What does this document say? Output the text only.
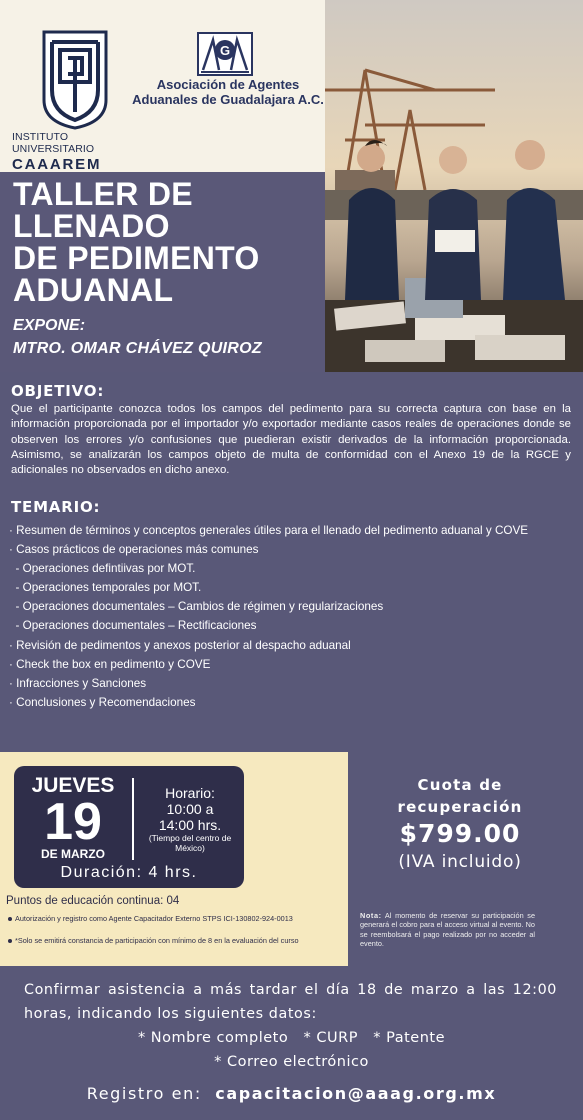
INSTITUTO UNIVERSITARIO
CAAAREM
G
Asociación de Agentes
Aduanales de Guadalajara A.C.
TALLER DE
LLENADO
DE PEDIMENTO
ADUANAL
EXPONE:
MTRO. OMAR CHÁVEZ QUIROZ
OBJETIVO:
Que el participante conozca todos los campos del pedimento para su correcta captura con base en la información proporcionada por el importador y/o exportador mediante casos reales de operaciones donde se observen los errores y/o confusiones que puedieran existir derivados de la información proporcionada. Asimismo, se analizarán los campos objeto de multa de conformidad con el Anexo 19 de la RGCE y adicionales no observados en dicho anexo.
TEMARIO:
· Resumen de términos y conceptos generales útiles para el llenado del pedimento aduanal y COVE
· Casos prácticos de operaciones más comunes
- Operaciones defintiivas por MOT.
- Operaciones temporales por MOT.
- Operaciones documentales – Cambios de régimen y regularizaciones
- Operaciones documentales – Rectificaciones
· Revisión de pedimentos y anexos posterior al despacho aduanal
· Check the box en pedimento y COVE
· Infracciones y Sanciones
· Conclusiones y Recomendaciones
JUEVES
19
DE MARZO
Horario:
10:00 a
14:00 hrs.
(Tiempo del centro de México)
Duración: 4 hrs.
Puntos de educación continua: 04
Autorización y registro como Agente Capacitador Externo STPS ICI-130802-924-0013
*Solo se emitirá constancia de participación con mínimo de 8 en la evaluación del curso
Cuota de
recuperación
$799.00
(IVA incluido)
Nota: Al momento de reservar su participación se generará el cobro para el acceso virtual al evento. No se reembolsará el pago realizado por no acceder al evento.
Confirmar asistencia a más tardar el día 18 de marzo a las 12:00 horas, indicando los siguientes datos:
* Nombre completo   * CURP   * Patente
* Correo electrónico
Registro en: capacitacion@aaag.org.mx
